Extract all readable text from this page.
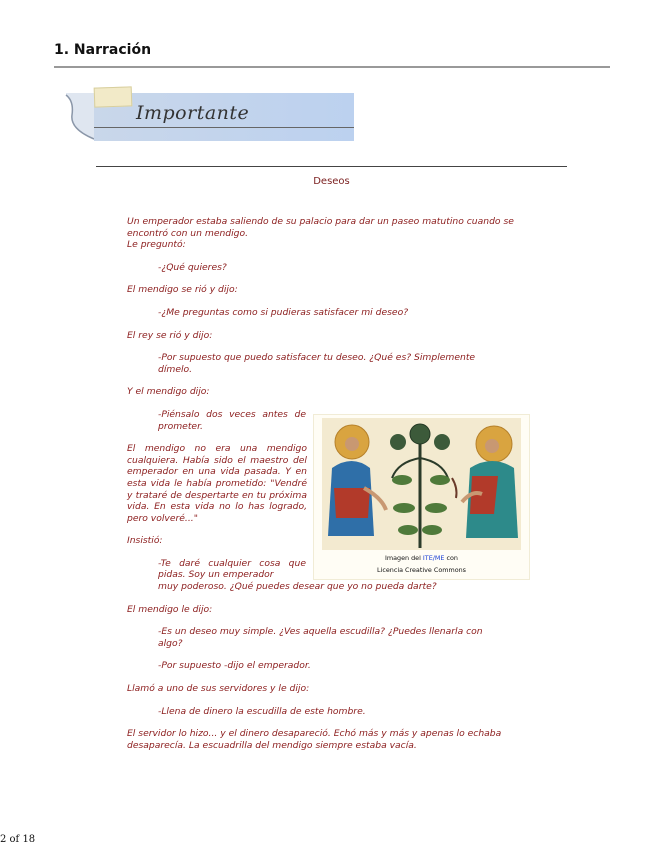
1. Narración
Importante
Deseos

Un emperador estaba saliendo de su palacio para dar un paseo matutino cuando se encontró con un mendigo.

Le preguntó:

-¿Qué quieres?

El mendigo se rió y dijo:

-¿Me preguntas como si pudieras satisfacer mi deseo?

El rey se rió y dijo:

-Por supuesto que puedo satisfacer tu deseo. ¿Qué es? Simplemente dímelo.

Y el mendigo dijo:

-Piénsalo dos veces antes de prometer.

El mendigo no era una mendigo cualquiera. Había sido el maestro del emperador en una vida pasada. Y en esta vida le había prometido: "Vendré y trataré de despertarte en tu próxima vida. En esta vida no lo has logrado, pero volveré..."

Insistió:

-Te daré cualquier cosa que pidas. Soy un emperador

muy poderoso. ¿Qué puedes desear que yo no pueda darte?

El mendigo le dijo:

-Es un deseo muy simple. ¿Ves aquella escudilla? ¿Puedes llenarla con algo?

-Por supuesto -dijo el emperador.

Llamó a uno de sus servidores y le dijo:

-Llena de dinero la escudilla de este hombre.

El servidor lo hizo... y el dinero desapareció. Echó más y más y apenas lo echaba desaparecía. La escuadrilla del mendigo siempre estaba vacía.

Imagen del ITE/ME con
Licencia Creative Commons
2 of 18
